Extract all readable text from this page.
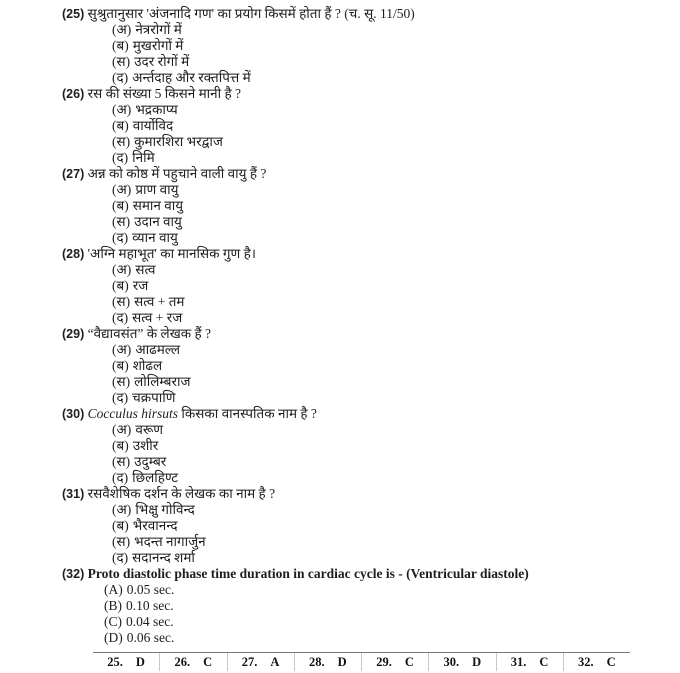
(25) सुश्रुतानुसार 'अंजनादि गण' का प्रयोग किसमें होता हैं ? (च. सू. 11/50)
(अ) नेत्ररोगों में
(ब) मुखरोगों में
(स) उदर रोगों में
(द) अर्न्तदाह और रक्तपित्त में
(26) रस की संख्या 5 किसने मानी है ?
(अ) भद्रकाप्य
(ब) वार्योविद
(स) कुमारशिरा भरद्वाज
(द) निमि
(27) अन्न को कोष्ठ में पहुचाने वाली वायु हैं ?
(अ) प्राण वायु
(ब) समान वायु
(स) उदान वायु
(द) व्यान वायु
(28) 'अग्नि महाभूत' का मानसिक गुण है।
(अ) सत्व
(ब) रज
(स) सत्व + तम
(द) सत्व + रज
(29) “वैद्यावसंत” के लेखक हैं ?
(अ) आढमल्ल
(ब) शोढल
(स) लोलिम्बराज
(द) चक्रपाणि
(30) Cocculus hirsuts किसका वानस्पतिक नाम है ?
(अ) वरूण
(ब) उशीर
(स) उदुम्बर
(द) छिलहिण्ट
(31) रसवैशेषिक दर्शन के लेखक का नाम है ?
(अ) भिक्षु गोविन्द
(ब) भैरवानन्द
(स) भदन्त नागार्जुन
(द) सदानन्द शर्मा
(32) Proto diastolic phase time duration in cardiac cycle is - (Ventricular diastole)
(A) 0.05 sec.
(B) 0.10 sec.
(C) 0.04 sec.
(D) 0.06 sec.
25. D	26. C	27. A	28. D	29. C	30. D	31. C	32. C
